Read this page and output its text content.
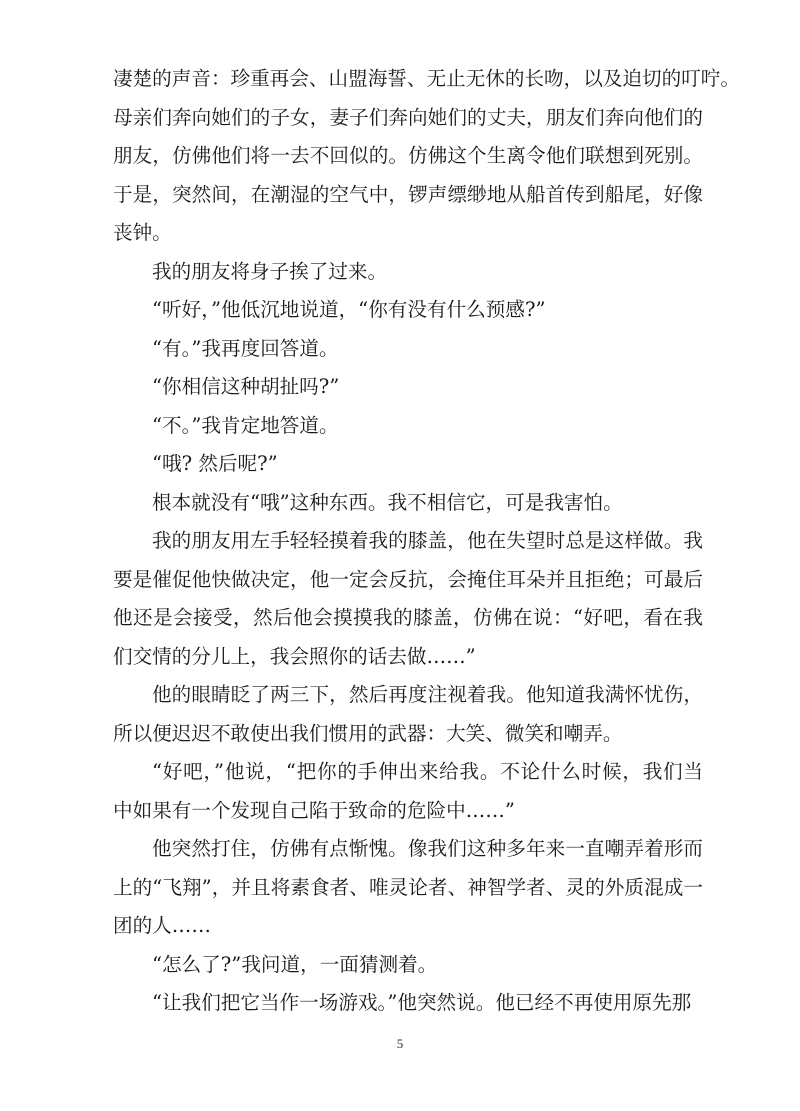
凄楚的声音：珍重再会、山盟海誓、无止无休的长吻，以及迫切的叮咛。
母亲们奔向她们的子女，妻子们奔向她们的丈夫，朋友们奔向他们的
朋友，仿佛他们将一去不回似的。仿佛这个生离令他们联想到死别。
于是，突然间，在潮湿的空气中，锣声缥缈地从船首传到船尾，好像
丧钟。

我的朋友将身子挨了过来。

“听好，”他低沉地说道，“你有没有什么预感?”

“有。”我再度回答道。

“你相信这种胡扯吗?”

“不。”我肯定地答道。

“哦? 然后呢?”

根本就没有“哦”这种东西。我不相信它，可是我害怕。

我的朋友用左手轻轻摸着我的膝盖，他在失望时总是这样做。我
要是催促他快做决定，他一定会反抗，会掩住耳朵并且拒绝；可最后
他还是会接受，然后他会摸摸我的膝盖，仿佛在说：“好吧，看在我
们交情的分儿上，我会照你的话去做……”

他的眼睛眨了两三下，然后再度注视着我。他知道我满怀忧伤，
所以便迟迟不敢使出我们惯用的武器：大笑、微笑和嘲弄。

“好吧，”他说，“把你的手伸出来给我。不论什么时候，我们当
中如果有一个发现自己陷于致命的危险中……”

他突然打住，仿佛有点惭愧。像我们这种多年来一直嘲弄着形而
上的“飞翔”，并且将素食者、唯灵论者、神智学者、灵的外质混成一
团的人……

“怎么了?”我问道，一面猜测着。

“让我们把它当作一场游戏。”他突然说。他已经不再使用原先那

5
